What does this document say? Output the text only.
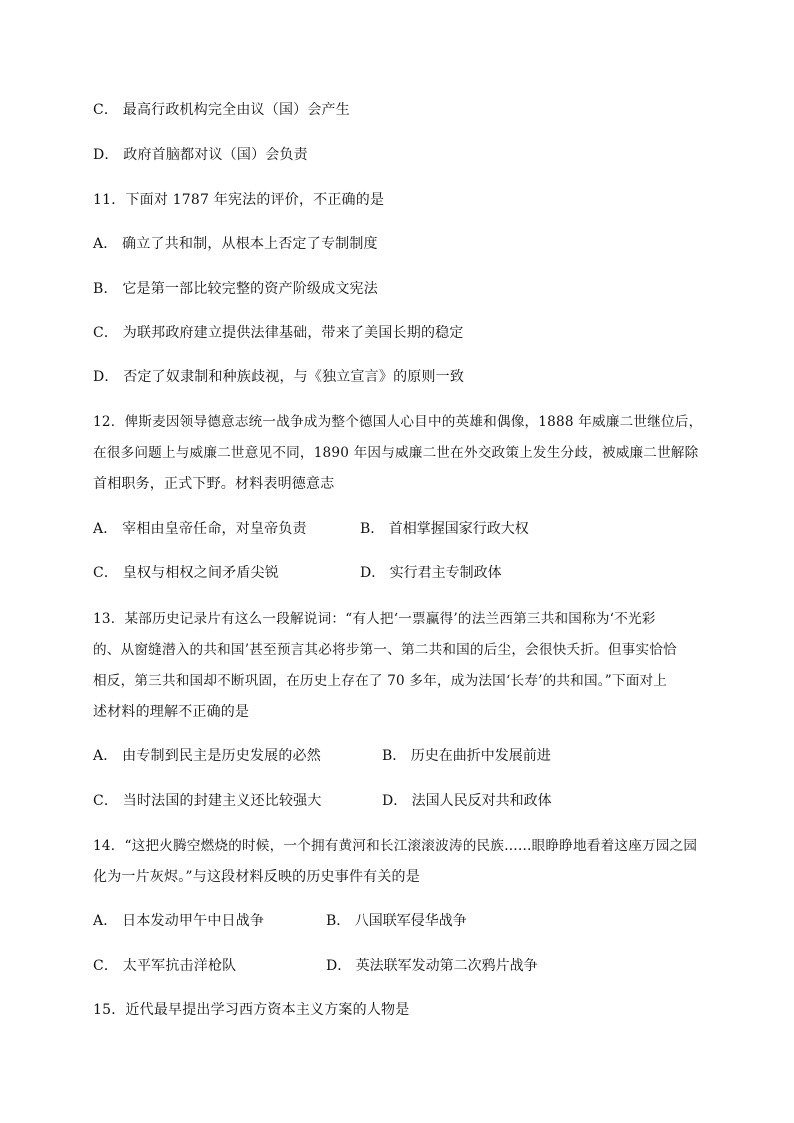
C． 最高行政机构完全由议（国）会产生
D． 政府首脑都对议（国）会负责
11．下面对 1787 年宪法的评价，不正确的是
A． 确立了共和制，从根本上否定了专制制度
B． 它是第一部比较完整的资产阶级成文宪法
C． 为联邦政府建立提供法律基础，带来了美国长期的稳定
D． 否定了奴隶制和种族歧视，与《独立宣言》的原则一致
12．俾斯麦因领导德意志统一战争成为整个德国人心目中的英雄和偶像，1888 年威廉二世继位后，
在很多问题上与威廉二世意见不同，1890 年因与威廉二世在外交政策上发生分歧，被威廉二世解除
首相职务，正式下野。材料表明德意志
A． 宰相由皇帝任命，对皇帝负责	B． 首相掌握国家行政大权
C． 皇权与相权之间矛盾尖锐	D． 实行君主专制政体
13．某部历史记录片有这么一段解说词：“有人把‘一票赢得’的法兰西第三共和国称为‘不光彩
的、从窗缝潜入的共和国’甚至预言其必将步第一、第二共和国的后尘，会很快夭折。但事实恰恰
相反，第三共和国却不断巩固，在历史上存在了 70 多年，成为法国‘长寿’的共和国。”下面对上
述材料的理解不正确的是
A． 由专制到民主是历史发展的必然	B． 历史在曲折中发展前进
C． 当时法国的封建主义还比较强大	D． 法国人民反对共和政体
14．“这把火腾空燃烧的时候，一个拥有黄河和长江滚滚波涛的民族……眼睁睁地看着这座万园之园
化为一片灰烬。”与这段材料反映的历史事件有关的是
A． 日本发动甲午中日战争	B． 八国联军侵华战争
C． 太平军抗击洋枪队	D． 英法联军发动第二次鸦片战争
15．近代最早提出学习西方资本主义方案的人物是
